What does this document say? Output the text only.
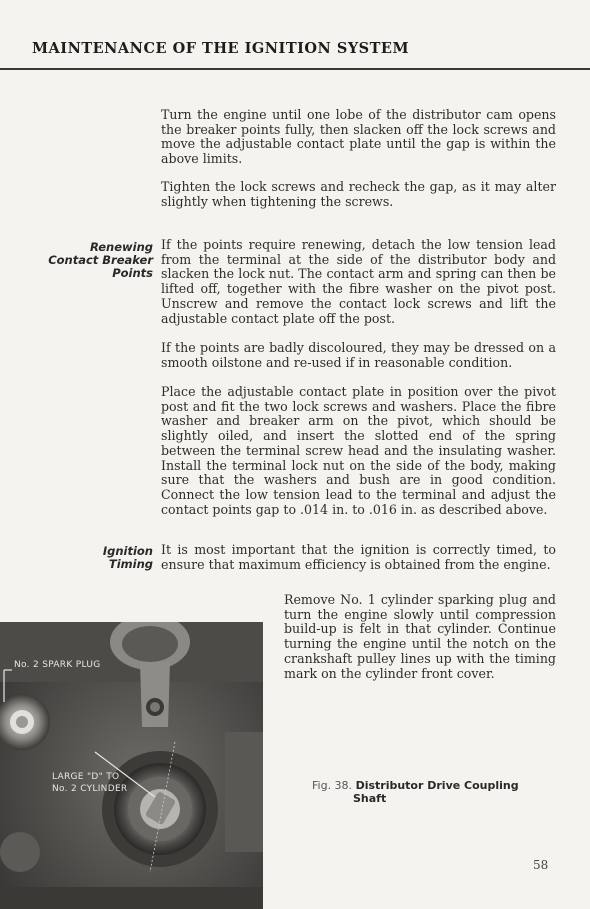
MAINTENANCE OF THE IGNITION SYSTEM

Turn the engine until one lobe of the distributor cam opens the breaker points fully, then slacken off the lock screws and move the adjustable contact plate until the gap is within the above limits.

Tighten the lock screws and recheck the gap, as it may alter slightly when tightening the screws.

Renewing
Contact Breaker
Points

If the points require renewing, detach the low tension lead from the terminal at the side of the distributor body and slacken the lock nut. The contact arm and spring can then be lifted off, together with the fibre washer on the pivot post. Unscrew and remove the contact lock screws and lift the adjustable contact plate off the post.

If the points are badly discoloured, they may be dressed on a smooth oilstone and re-used if in reasonable condition.

Place the adjustable contact plate in position over the pivot post and fit the two lock screws and washers. Place the fibre washer and breaker arm on the pivot, which should be slightly oiled, and insert the slotted end of the spring between the terminal screw head and the insulating washer. Install the terminal lock nut on the side of the body, making sure that the washers and bush are in good condition. Connect the low tension lead to the terminal and adjust the contact points gap to .014 in. to .016 in. as described above.

Ignition
Timing

It is most important that the ignition is correctly timed, to ensure that maximum efficiency is obtained from the engine.

Remove No. 1 cylinder sparking plug and turn the engine slowly until compression build-up is felt in that cylinder. Continue turning the engine until the notch on the crankshaft pulley lines up with the timing mark on the cylinder front cover.

No. 2 SPARK PLUG
LARGE "D" TO
No. 2 CYLINDER	Fig. 38. Distributor Drive Coupling
Shaft
58
